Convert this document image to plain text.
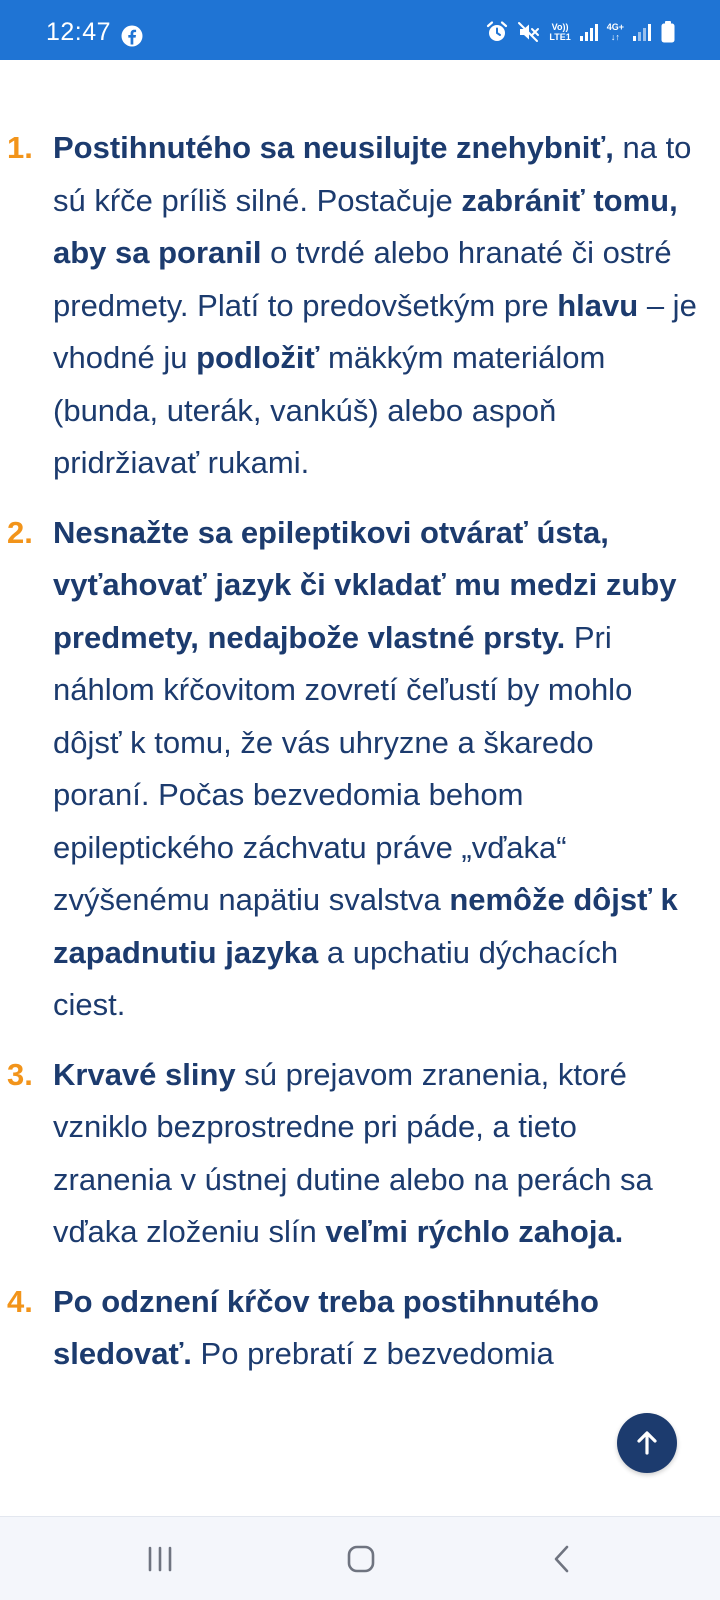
12:47	Vo))
LTE1
4G+
↓↑
1. Postihnutého sa neusilujte znehybniť, na to sú kŕče príliš silné. Postačuje zabrániť tomu, aby sa poranil o tvrdé alebo hranaté či ostré predmety. Platí to predovšetkým pre hlavu – je vhodné ju podložiť mäkkým materiálom (bunda, uterák, vankúš) alebo aspoň pridržiavať rukami.
2. Nesnažte sa epileptikovi otvárať ústa, vyťahovať jazyk či vkladať mu medzi zuby predmety, nedajbože vlastné prsty. Pri náhlom kŕčovitom zovretí čeľustí by mohlo dôjsť k tomu, že vás uhryzne a škaredo poraní. Počas bezvedomia behom epileptického záchvatu práve „vďaka“ zvýšenému napätiu svalstva nemôže dôjsť k zapadnutiu jazyka a upchatiu dýchacích ciest.
3. Krvavé sliny sú prejavom zranenia, ktoré vzniklo bezprostredne pri páde, a tieto zranenia v ústnej dutine alebo na perách sa vďaka zloženiu slín veľmi rýchlo zahoja.
4. Po odznení kŕčov treba postihnutého sledovať. Po prebratí z bezvedomia
